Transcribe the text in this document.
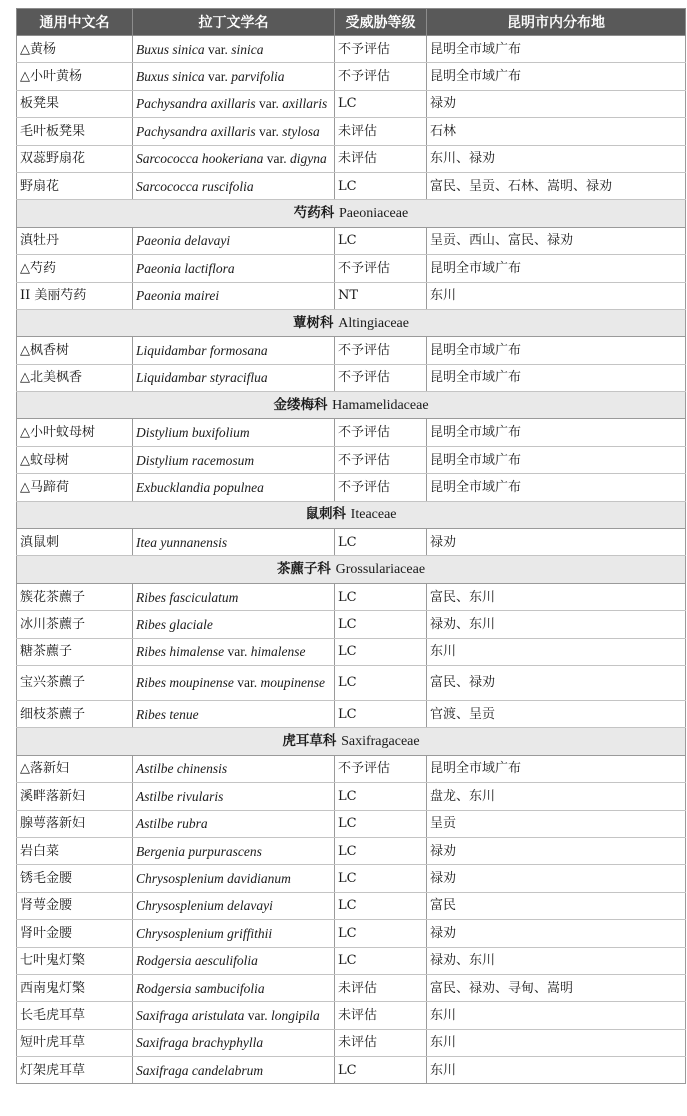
通用中文名	拉丁文学名	受威胁等级	昆明市内分布地
△黄杨	Buxus sinica var. sinica	不予评估	昆明全市域广布
△小叶黄杨	Buxus sinica var. parvifolia	不予评估	昆明全市域广布
板凳果	Pachysandra axillaris var. axillaris	LC	禄劝
毛叶板凳果	Pachysandra axillaris var. stylosa	未评估	石林
双蕊野扇花	Sarcococca hookeriana var. digyna	未评估	东川、禄劝
野扇花	Sarcococca ruscifolia	LC	富民、呈贡、石林、嵩明、禄劝
芍药科 Paeoniaceae			
滇牡丹	Paeonia delavayi	LC	呈贡、西山、富民、禄劝
△芍药	Paeonia lactiflora	不予评估	昆明全市域广布
II 美丽芍药	Paeonia mairei	NT	东川
蕈树科 Altingiaceae			
△枫香树	Liquidambar formosana	不予评估	昆明全市域广布
△北美枫香	Liquidambar styraciflua	不予评估	昆明全市域广布
金缕梅科 Hamamelidaceae			
△小叶蚊母树	Distylium buxifolium	不予评估	昆明全市域广布
△蚊母树	Distylium racemosum	不予评估	昆明全市域广布
△马蹄荷	Exbucklandia populnea	不予评估	昆明全市域广布
鼠刺科 Iteaceae			
滇鼠刺	Itea yunnanensis	LC	禄劝
茶藨子科 Grossulariaceae			
簇花茶藨子	Ribes fasciculatum	LC	富民、东川
冰川茶藨子	Ribes glaciale	LC	禄劝、东川
糖茶藨子	Ribes himalense var. himalense	LC	东川
宝兴茶藨子	Ribes moupinense var. moupinense	LC	富民、禄劝
细枝茶藨子	Ribes tenue	LC	官渡、呈贡
虎耳草科 Saxifragaceae			
△落新妇	Astilbe chinensis	不予评估	昆明全市域广布
溪畔落新妇	Astilbe rivularis	LC	盘龙、东川
腺萼落新妇	Astilbe rubra	LC	呈贡
岩白菜	Bergenia purpurascens	LC	禄劝
锈毛金腰	Chrysosplenium davidianum	LC	禄劝
肾萼金腰	Chrysosplenium delavayi	LC	富民
肾叶金腰	Chrysosplenium griffithii	LC	禄劝
七叶鬼灯檠	Rodgersia aesculifolia	LC	禄劝、东川
西南鬼灯檠	Rodgersia sambucifolia	未评估	富民、禄劝、寻甸、嵩明
长毛虎耳草	Saxifraga aristulata var. longipila	未评估	东川
短叶虎耳草	Saxifraga brachyphylla	未评估	东川
灯架虎耳草	Saxifraga candelabrum	LC	东川
